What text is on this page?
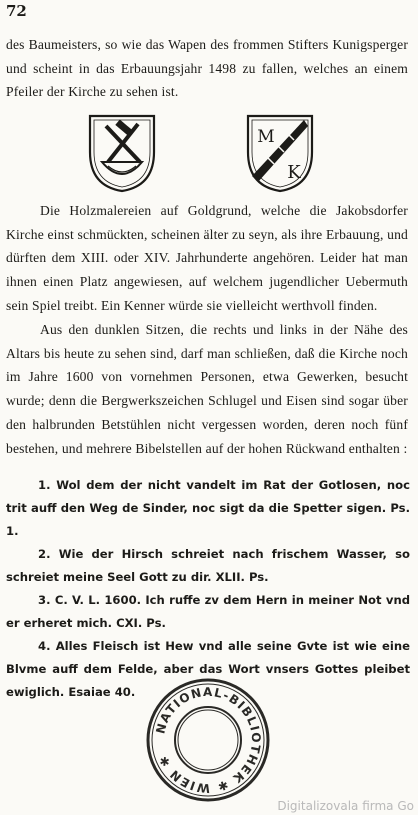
72

des Baumeisters, so wie das Wapen des frommen Stifters Kunigsperger und scheint in das Erbauungsjahr 1498 zu fallen, welches an einem Pfeiler der Kirche zu sehen ist.

M
K

Die Holzmalereien auf Goldgrund, welche die Jakobsdorfer Kirche einst schmückten, scheinen älter zu seyn, als ihre Erbauung, und dürften dem XIII. oder XIV. Jahrhunderte angehören. Leider hat man ihnen einen Platz angewiesen, auf welchem jugendlicher Uebermuth sein Spiel treibt. Ein Kenner würde sie vielleicht werthvoll finden.

Aus den dunklen Sitzen, die rechts und links in der Nähe des Altars bis heute zu sehen sind, darf man schließen, daß die Kirche noch im Jahre 1600 von vornehmen Personen, etwa Gewerken, besucht wurde; denn die Bergwerkszeichen Schlugel und Eisen sind sogar über den halbrunden Betstühlen nicht vergessen worden, deren noch fünf bestehen, und mehrere Bibelstellen auf der hohen Rückwand enthalten :

1. Wol dem der nicht vandelt im Rat der Gotlosen, noc trit auff den Weg de Sinder, noc sigt da die Spetter sigen. Ps. 1.
2. Wie der Hirsch schreiet nach frischem Wasser, so schreiet meine Seel Gott zu dir. XLII. Ps.
3. C. V. L. 1600. Ich ruffe zv dem Hern in meiner Not vnd er erheret mich. CXI. Ps.
4. Alles Fleisch ist Hew vnd alle seine Gvte ist wie eine Blvme auff dem Felde, aber das Wort vnsers Gottes pleibet ewiglich. Esaiae 40.
NATIONAL-BIBLIOTHEK ✱ WIEN ✱
Digitalizovala firma Go
